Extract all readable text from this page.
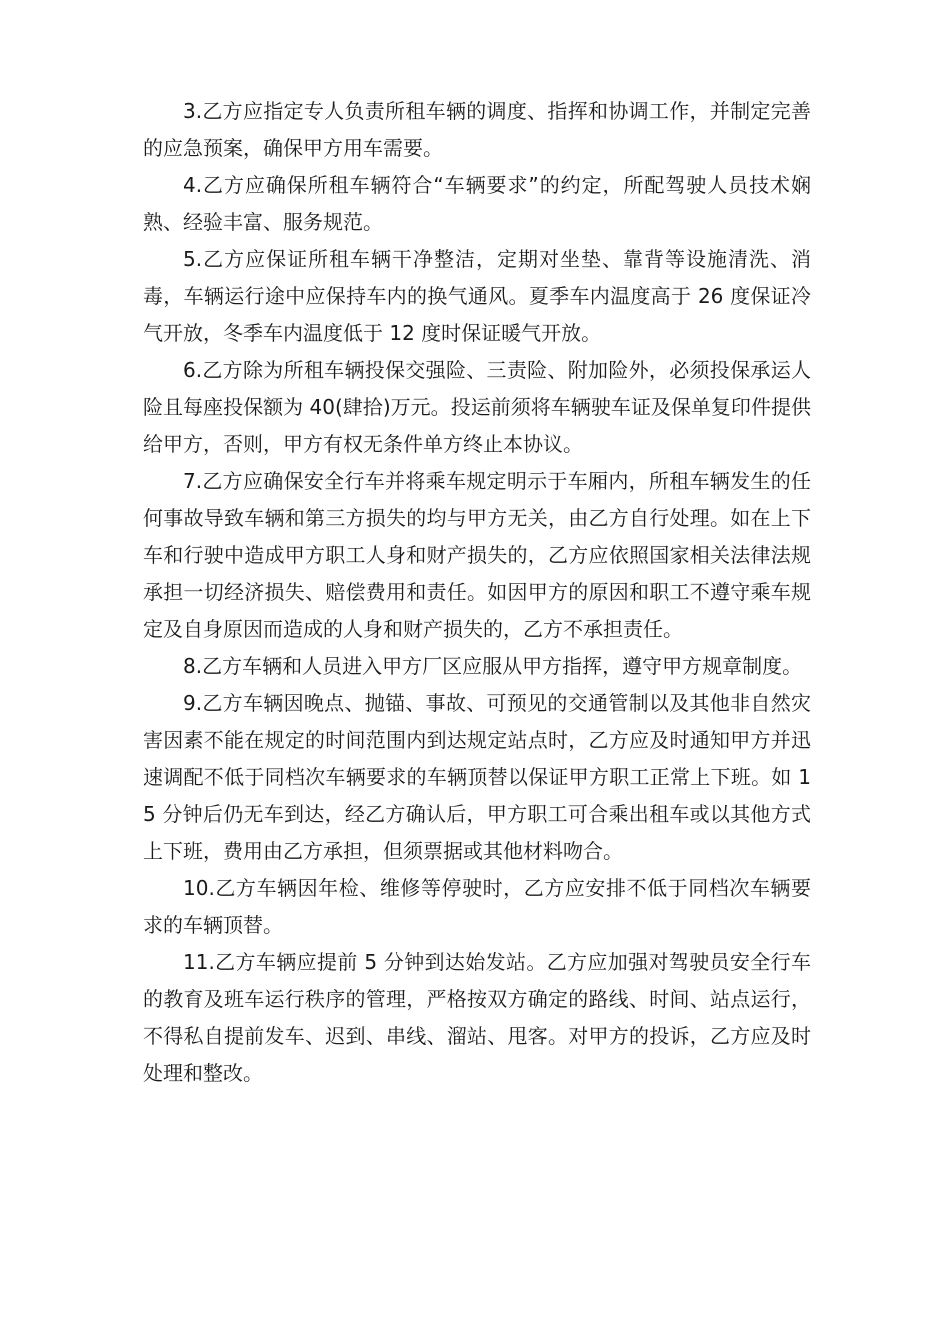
3.乙方应指定专人负责所租车辆的调度、指挥和协调工作，并制定完善的应急预案，确保甲方用车需要。

4.乙方应确保所租车辆符合“车辆要求”的约定，所配驾驶人员技术娴熟、经验丰富、服务规范。

5.乙方应保证所租车辆干净整洁，定期对坐垫、靠背等设施清洗、消毒，车辆运行途中应保持车内的换气通风。夏季车内温度高于 26 度保证冷气开放，冬季车内温度低于 12 度时保证暖气开放。

6.乙方除为所租车辆投保交强险、三责险、附加险外，必须投保承运人险且每座投保额为 40(肆拾)万元。投运前须将车辆驶车证及保单复印件提供给甲方，否则，甲方有权无条件单方终止本协议。

7.乙方应确保安全行车并将乘车规定明示于车厢内，所租车辆发生的任何事故导致车辆和第三方损失的均与甲方无关，由乙方自行处理。如在上下车和行驶中造成甲方职工人身和财产损失的，乙方应依照国家相关法律法规承担一切经济损失、赔偿费用和责任。如因甲方的原因和职工不遵守乘车规定及自身原因而造成的人身和财产损失的，乙方不承担责任。

8.乙方车辆和人员进入甲方厂区应服从甲方指挥，遵守甲方规章制度。

9.乙方车辆因晚点、抛锚、事故、可预见的交通管制以及其他非自然灾害因素不能在规定的时间范围内到达规定站点时，乙方应及时通知甲方并迅速调配不低于同档次车辆要求的车辆顶替以保证甲方职工正常上下班。如 15 分钟后仍无车到达，经乙方确认后，甲方职工可合乘出租车或以其他方式上下班，费用由乙方承担，但须票据或其他材料吻合。

10.乙方车辆因年检、维修等停驶时，乙方应安排不低于同档次车辆要求的车辆顶替。

11.乙方车辆应提前 5 分钟到达始发站。乙方应加强对驾驶员安全行车的教育及班车运行秩序的管理，严格按双方确定的路线、时间、站点运行，不得私自提前发车、迟到、串线、溜站、甩客。对甲方的投诉，乙方应及时处理和整改。
